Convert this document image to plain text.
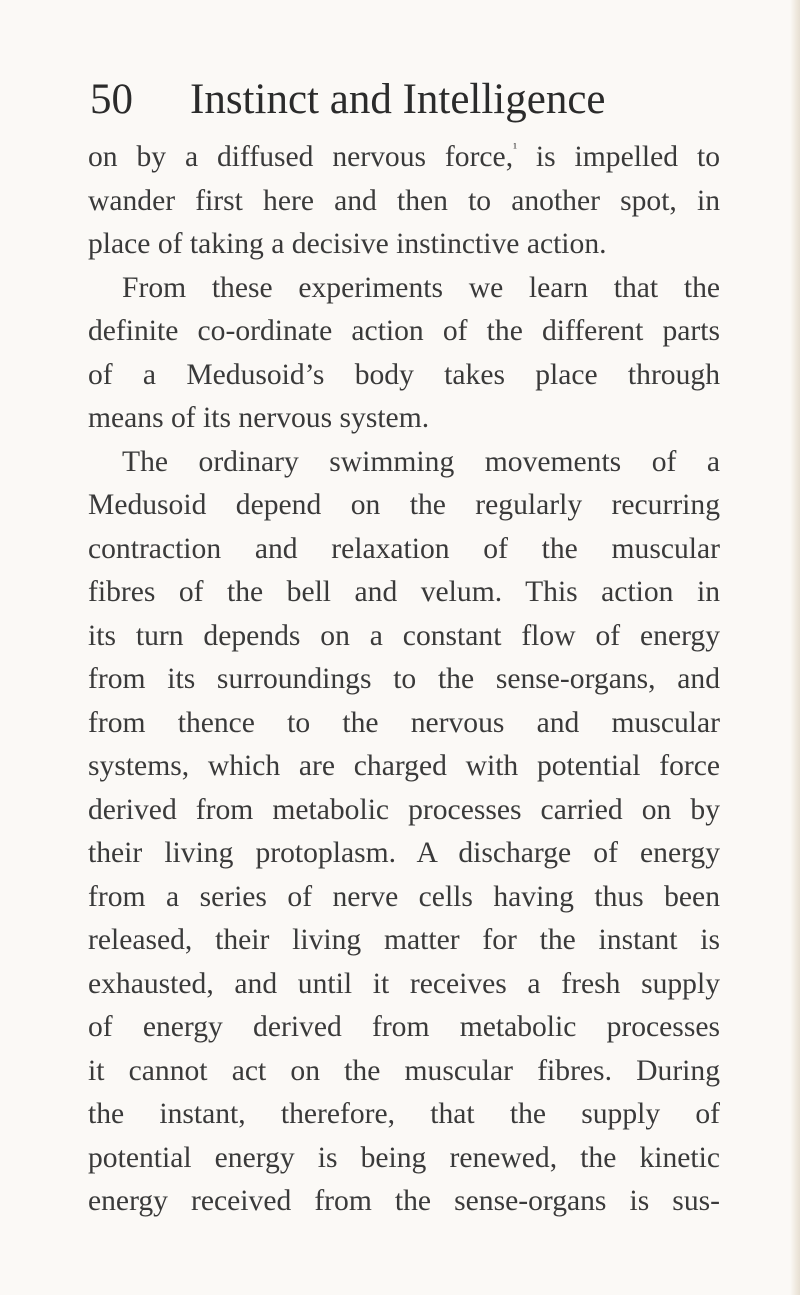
50 Instinct and Intelligence
on by a diffused nervous force,$^{^1}$ is impelled to
wander first here and then to another spot, in
place of taking a decisive instinctive action.
From these experiments we learn that the
definite co-ordinate action of the different parts
of a Medusoid’s body takes place through
means of its nervous system.
The ordinary swimming movements of a
Medusoid depend on the regularly recurring
contraction and relaxation of the muscular
fibres of the bell and velum. This action in
its turn depends on a constant flow of energy
from its surroundings to the sense-organs, and
from thence to the nervous and muscular
systems, which are charged with potential force
derived from metabolic processes carried on by
their living protoplasm. A discharge of energy
from a series of nerve cells having thus been
released, their living matter for the instant is
exhausted, and until it receives a fresh supply
of energy derived from metabolic processes
it cannot act on the muscular fibres. During
the instant, therefore, that the supply of
potential energy is being renewed, the kinetic
energy received from the sense-organs is sus-
